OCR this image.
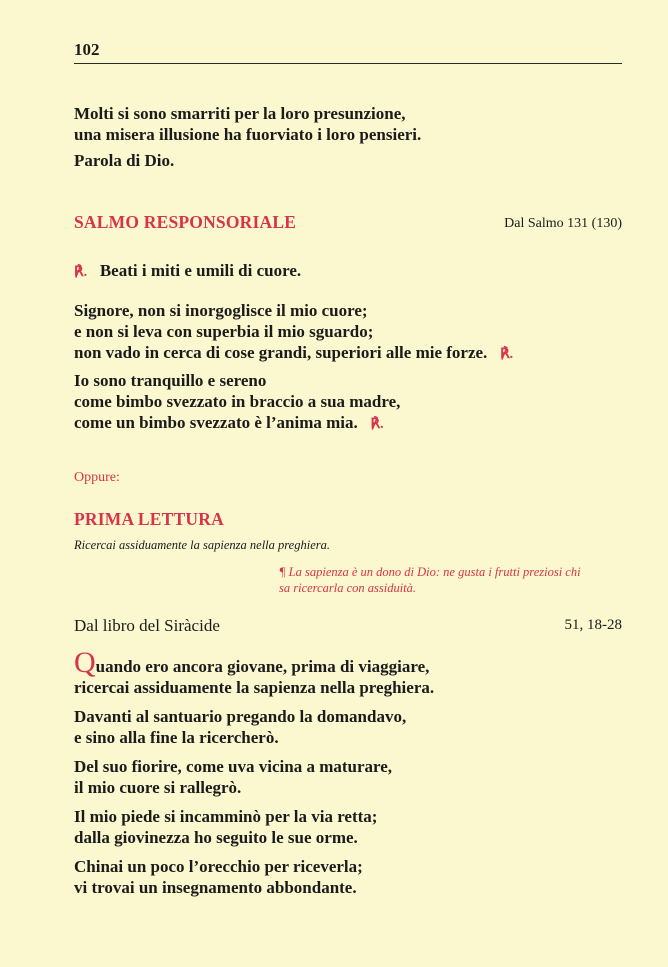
102
Molti si sono smarriti per la loro presunzione,
una misera illusione ha fuorviato i loro pensieri.
Parola di Dio.
SALMO RESPONSORIALE	Dal Salmo 131 (130)
℟. Beati i miti e umili di cuore.
Signore, non si inorgoglisce il mio cuore;
e non si leva con superbia il mio sguardo;
non vado in cerca di cose grandi, superiori alle mie forze. ℟.
Io sono tranquillo e sereno
come bimbo svezzato in braccio a sua madre,
come un bimbo svezzato è l’anima mia. ℟.
Oppure:
PRIMA LETTURA
Ricercai assiduamente la sapienza nella preghiera.
¶ La sapienza è un dono di Dio: ne gusta i frutti preziosi chi
sa ricercarla con assiduità.
Dal libro del Siràcide	51, 18-28
Quando ero ancora giovane, prima di viaggiare,
ricercai assiduamente la sapienza nella preghiera.
Davanti al santuario pregando la domandavo,
e sino alla fine la ricercherò.
Del suo fiorire, come uva vicina a maturare,
il mio cuore si rallegrò.
Il mio piede si incamminò per la via retta;
dalla giovinezza ho seguito le sue orme.
Chinai un poco l’orecchio per riceverla;
vi trovai un insegnamento abbondante.
